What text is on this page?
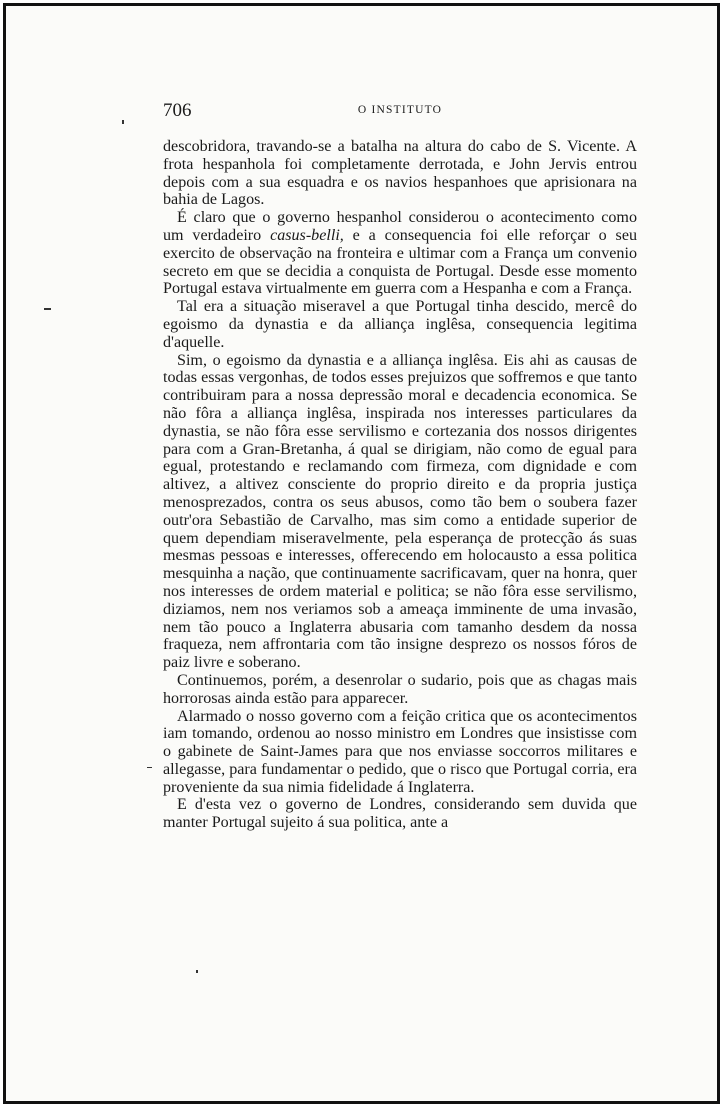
706	O INSTITUTO

descobridora, travando-se a batalha na altura do cabo de S. Vicente. A frota hespanhola foi completamente derrotada, e John Jervis entrou depois com a sua esquadra e os navios hespanhoes que aprisionara na bahia de Lagos.

É claro que o governo hespanhol considerou o acontecimento como um verdadeiro casus-belli, e a consequencia foi elle reforçar o seu exercito de observação na fronteira e ultimar com a França um convenio secreto em que se decidia a conquista de Portugal. Desde esse momento Portugal estava virtualmente em guerra com a Hespanha e com a França.

Tal era a situação miseravel a que Portugal tinha descido, mercê do egoismo da dynastia e da alliança inglêsa, consequencia legitima d'aquelle.

Sim, o egoismo da dynastia e a alliança inglêsa. Eis ahi as causas de todas essas vergonhas, de todos esses prejuizos que soffremos e que tanto contribuiram para a nossa depressão moral e decadencia economica. Se não fôra a alliança inglêsa, inspirada nos interesses particulares da dynastia, se não fôra esse servilismo e cortezania dos nossos dirigentes para com a Gran-Bretanha, á qual se dirigiam, não como de egual para egual, protestando e reclamando com firmeza, com dignidade e com altivez, a altivez consciente do proprio direito e da propria justiça menosprezados, contra os seus abusos, como tão bem o soubera fazer outr'ora Sebastião de Carvalho, mas sim como a entidade superior de quem dependiam miseravelmente, pela esperança de protecção ás suas mesmas pessoas e interesses, offerecendo em holocausto a essa politica mesquinha a nação, que continuamente sacrificavam, quer na honra, quer nos interesses de ordem material e politica; se não fôra esse servilismo, diziamos, nem nos veriamos sob a ameaça imminente de uma invasão, nem tão pouco a Inglaterra abusaria com tamanho desdem da nossa fraqueza, nem affrontaria com tão insigne desprezo os nossos fóros de paiz livre e soberano.

Continuemos, porém, a desenrolar o sudario, pois que as chagas mais horrorosas ainda estão para apparecer.

Alarmado o nosso governo com a feição critica que os acontecimentos iam tomando, ordenou ao nosso ministro em Londres que insistisse com o gabinete de Saint-James para que nos enviasse soccorros militares e allegasse, para fundamentar o pedido, que o risco que Portugal corria, era proveniente da sua nimia fidelidade á Inglaterra.

E d'esta vez o governo de Londres, considerando sem duvida que manter Portugal sujeito á sua politica, ante a
